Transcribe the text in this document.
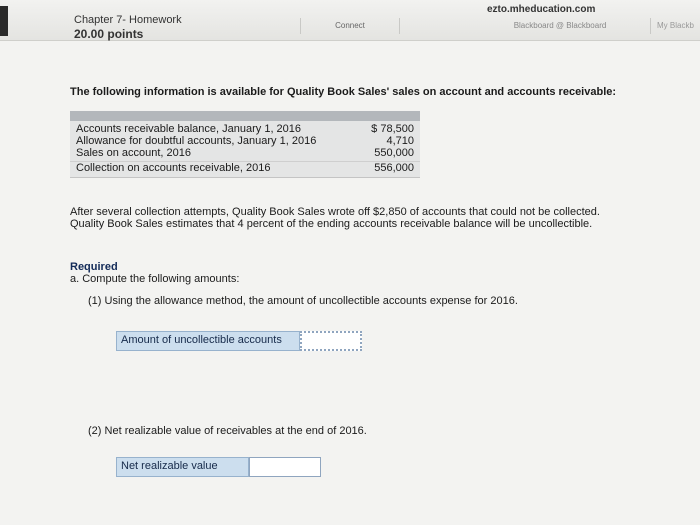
ezto.mheducation.com
Connect	Blackboard @ Blackboard	My Blackb
Chapter 7- Homework
20.00 points
The following information is available for Quality Book Sales' sales on account and accounts receivable:
Accounts receivable balance, January 1, 2016	$ 78,500
Allowance for doubtful accounts, January 1, 2016	4,710
Sales on account, 2016	550,000
Collection on accounts receivable, 2016	556,000
After several collection attempts, Quality Book Sales wrote off $2,850 of accounts that could not be collected. Quality Book Sales estimates that 4 percent of the ending accounts receivable balance will be uncollectible.
Required
a. Compute the following amounts:
(1) Using the allowance method, the amount of uncollectible accounts expense for 2016.
Amount of uncollectible accounts
(2) Net realizable value of receivables at the end of 2016.
Net realizable value
